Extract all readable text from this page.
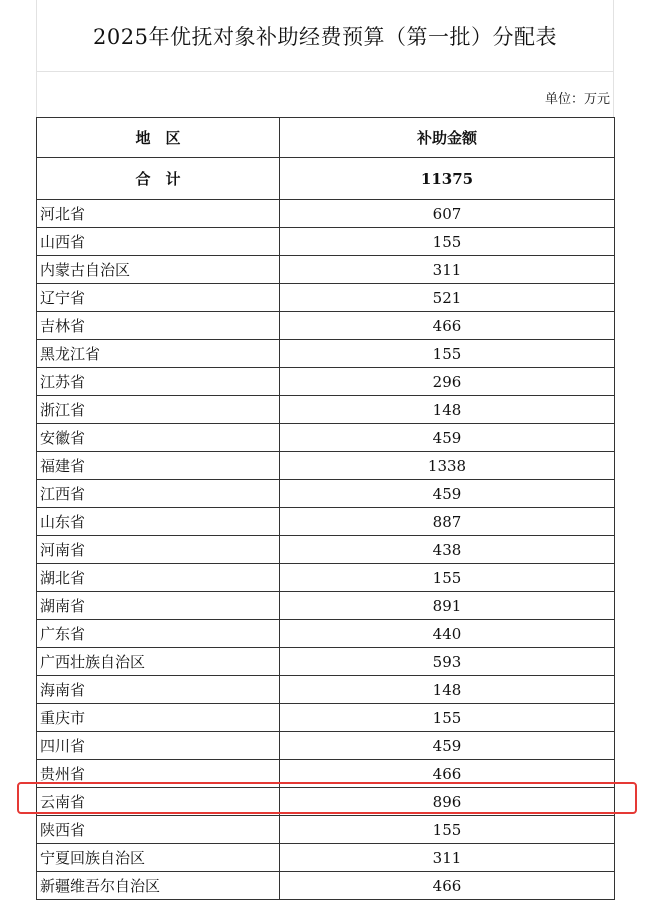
2025年优抚对象补助经费预算（第一批）分配表
单位：万元
地　区	补助金额
合　计	11375
河北省	607
山西省	155
内蒙古自治区	311
辽宁省	521
吉林省	466
黑龙江省	155
江苏省	296
浙江省	148
安徽省	459
福建省	1338
江西省	459
山东省	887
河南省	438
湖北省	155
湖南省	891
广东省	440
广西壮族自治区	593
海南省	148
重庆市	155
四川省	459
贵州省	466
云南省	896
陕西省	155
宁夏回族自治区	311
新疆维吾尔自治区	466
